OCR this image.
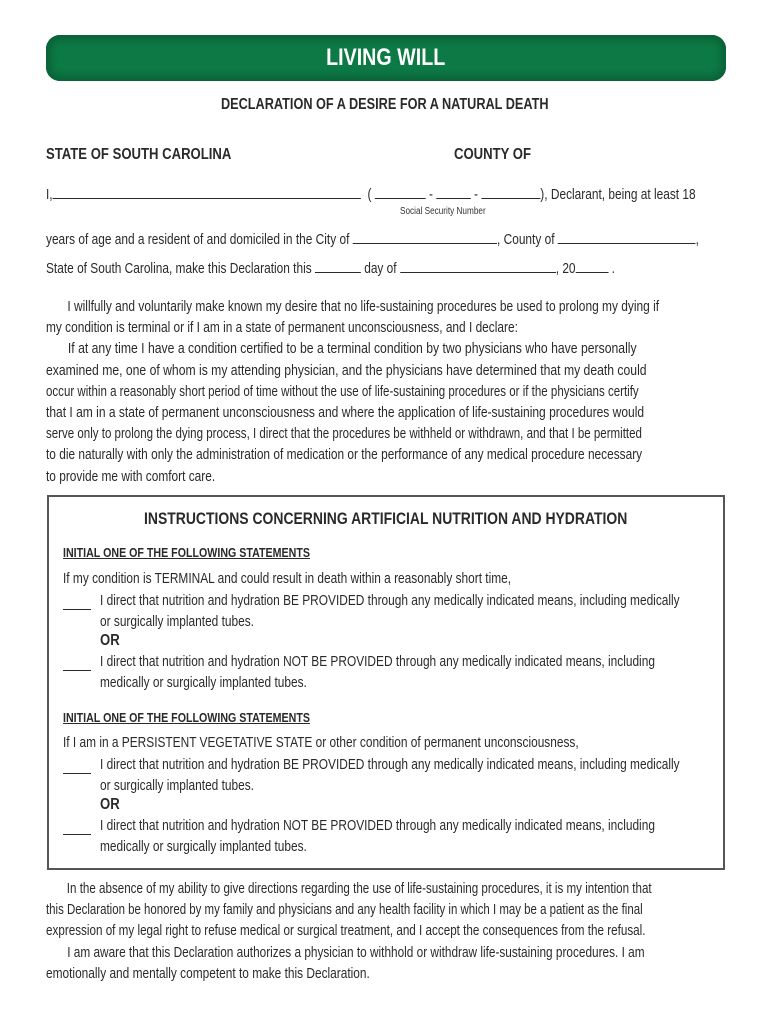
LIVING WILL
DECLARATION OF A DESIRE FOR A NATURAL DEATH
STATE OF SOUTH CAROLINA	COUNTY OF
I,	(	-	-	), Declarant, being at least 18
Social Security Number
years of age and a resident of and domiciled in the City of	, County of	,
State of South Carolina, make this Declaration this	day of	, 20 .
I willfully and voluntarily make known my desire that no life-sustaining procedures be used to prolong my dying if
my condition is terminal or if I am in a state of permanent unconsciousness, and I declare:
If at any time I have a condition certified to be a terminal condition by two physicians who have personally
examined me, one of whom is my attending physician, and the physicians have determined that my death could
occur within a reasonably short period of time without the use of life-sustaining procedures or if the physicians certify
that I am in a state of permanent unconsciousness and where the application of life-sustaining procedures would
serve only to prolong the dying process, I direct that the procedures be withheld or withdrawn, and that I be permitted
to die naturally with only the administration of medication or the performance of any medical procedure necessary
to provide me with comfort care.
INSTRUCTIONS CONCERNING ARTIFICIAL NUTRITION AND HYDRATION
INITIAL ONE OF THE FOLLOWING STATEMENTS
If my condition is TERMINAL and could result in death within a reasonably short time,
I direct that nutrition and hydration BE PROVIDED through any medically indicated means, including medically
or surgically implanted tubes.
OR
I direct that nutrition and hydration NOT BE PROVIDED through any medically indicated means, including
medically or surgically implanted tubes.
INITIAL ONE OF THE FOLLOWING STATEMENTS
If I am in a PERSISTENT VEGETATIVE STATE or other condition of permanent unconsciousness,
I direct that nutrition and hydration BE PROVIDED through any medically indicated means, including medically
or surgically implanted tubes.
OR
I direct that nutrition and hydration NOT BE PROVIDED through any medically indicated means, including
medically or surgically implanted tubes.
In the absence of my ability to give directions regarding the use of life-sustaining procedures, it is my intention that
this Declaration be honored by my family and physicians and any health facility in which I may be a patient as the final
expression of my legal right to refuse medical or surgical treatment, and I accept the consequences from the refusal.
I am aware that this Declaration authorizes a physician to withhold or withdraw life-sustaining procedures. I am
emotionally and mentally competent to make this Declaration.
